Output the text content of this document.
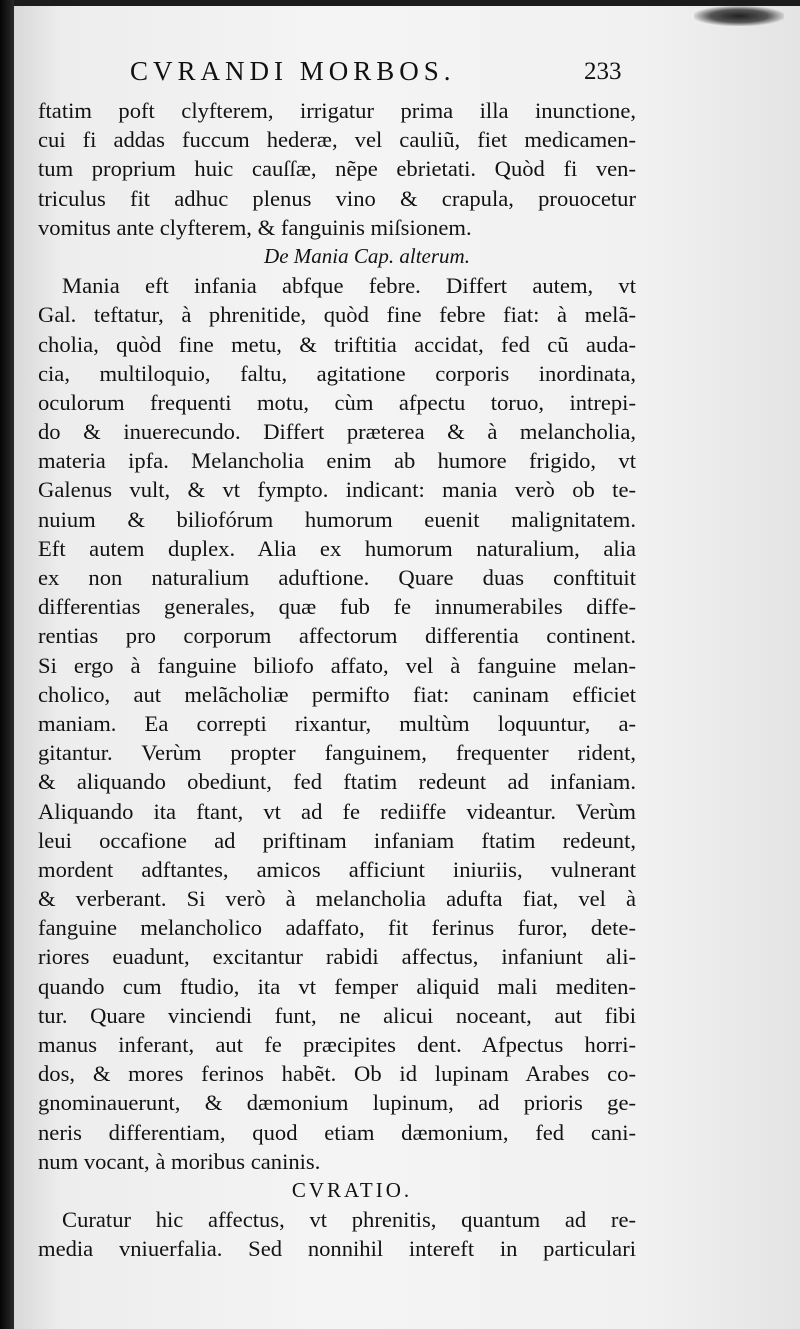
CVRANDI MORBOS.	233
ftatim poft clyfterem, irrigatur prima illa inunctione,
cui fi addas fuccum hederæ, vel cauliũ, fiet medicamen-
tum proprium huic cauſſæ, nẽpe ebrietati. Quòd fi ven-
triculus fit adhuc plenus vino & crapula, prouocetur
vomitus ante clyfterem, & fanguinis miſsionem.
De Mania Cap. alterum.
Mania eft infania abfque febre. Differt autem, vt
Gal. teftatur, à phrenitide, quòd fine febre fiat: à melã-
cholia, quòd fine metu, & triftitia accidat, fed cũ auda-
cia, multiloquio, faltu, agitatione corporis inordinata,
oculorum frequenti motu, cùm afpectu toruo, intrepi-
do & inuerecundo. Differt præterea & à melancholia,
materia ipfa. Melancholia enim ab humore frigido, vt
Galenus vult, & vt fympto. indicant: mania verò ob te-
nuium & biliofórum humorum euenit malignitatem.
Eft autem duplex. Alia ex humorum naturalium, alia
ex non naturalium aduftione. Quare duas conftituit
differentias generales, quæ fub fe innumerabiles diffe-
rentias pro corporum affectorum differentia continent.
Si ergo à fanguine biliofo affato, vel à fanguine melan-
cholico, aut melãcholiæ permifto fiat: caninam efficiet
maniam. Ea correpti rixantur, multùm loquuntur, a-
gitantur. Verùm propter fanguinem, frequenter rident,
& aliquando obediunt, fed ftatim redeunt ad infaniam.
Aliquando ita ftant, vt ad fe rediiffe videantur. Verùm
leui occafione ad priftinam infaniam ftatim redeunt,
mordent adftantes, amicos afficiunt iniuriis, vulnerant
& verberant. Si verò à melancholia adufta fiat, vel à
fanguine melancholico adaffato, fit ferinus furor, dete-
riores euadunt, excitantur rabidi affectus, infaniunt ali-
quando cum ftudio, ita vt femper aliquid mali mediten-
tur. Quare vinciendi funt, ne alicui noceant, aut fibi
manus inferant, aut fe præcipites dent. Afpectus horri-
dos, & mores ferinos habẽt. Ob id lupinam Arabes co-
gnominauerunt, & dæmonium lupinum, ad prioris ge-
neris differentiam, quod etiam dæmonium, fed cani-
num vocant, à moribus caninis.
CVRATIO.
Curatur hic affectus, vt phrenitis, quantum ad re-
media vniuerfalia. Sed nonnihil intereft in particulari
